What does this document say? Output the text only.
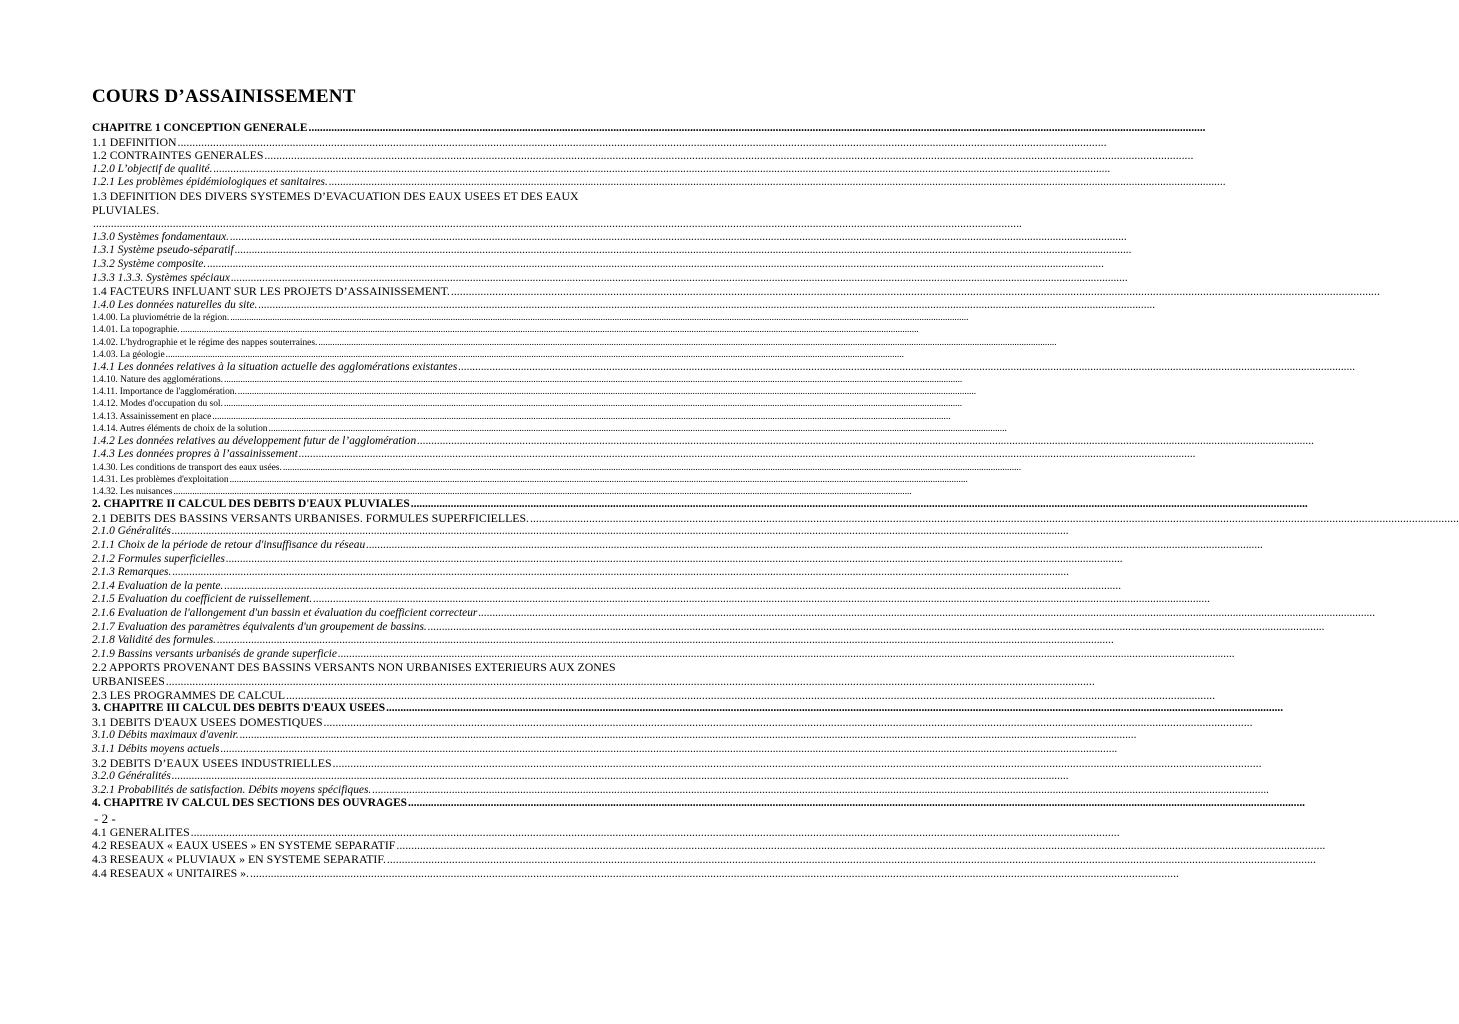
COURS D’ASSAINISSEMENT
CHAPITRE 1 CONCEPTION GENERALE
.....
1.1 DEFINITION
.....
1.2 CONTRAINTES GENERALES
.....
1.2.0 L’objectif de qualité.
.....
1.2.1 Les problèmes épidémiologiques et sanitaires.
.....
1.3 DEFINITION DES DIVERS SYSTEMES D’EVACUATION DES EAUX USEES ET DES EAUX PLUVIALES. .....
1.3.0 Systèmes fondamentaux.
.....
1.3.1 Système pseudo-séparatif
.....
1.3.2 Système composite.
.....
1.3.3 1.3.3. Systèmes spéciaux
.....
1.4 FACTEURS INFLUANT SUR LES PROJETS D’ASSAINISSEMENT.
.....
1.4.0 Les données naturelles du site.
.....
1.4.00. La pluviométrie de la région.
.....
1.4.01. La topographie.
.....
1.4.02. L'hydrographie et le régime des nappes souterraines.
.....
1.4.03. La géologie
.....
1.4.1 Les données relatives à la situation actuelle des agglomérations existantes
.....
1.4.10. Nature des agglomérations.
.....
1.4.11. Importance de l'agglomération.
.....
1.4.12. Modes d'occupation du sol.
.....
1.4.13. Assainissement en place
.....
1.4.14. Autres éléments de choix de la solution
.....
1.4.2 Les données relatives au développement futur de l’agglomération
.....
1.4.3 Les données propres à l’assainissement
.....
1.4.30. Les conditions de transport des eaux usées.
.....
1.4.31. Les problèmes d'exploitation
.....
1.4.32. Les nuisances
.....
2. CHAPITRE II CALCUL DES DEBITS D'EAUX PLUVIALES
.....
2.1 DEBITS DES BASSINS VERSANTS URBANISES. FORMULES SUPERFICIELLES.
.....
2.1.0 Généralités
.....
2.1.1 Choix de la période de retour d'insuffisance du réseau
.....
2.1.2 Formules superficielles
.....
2.1.3 Remarques.
.....
2.1.4 Evaluation de la pente.
.....
2.1.5 Evaluation du coefficient de ruissellement.
.....
2.1.6 Evaluation de l'allongement d'un bassin et évaluation du coefficient correcteur
.....
2.1.7 Evaluation des paramètres équivalents d'un groupement de bassins.
.....
2.1.8 Validité des formules.
.....
2.1.9 Bassins versants urbanisés de grande superficie
.....
2.2 APPORTS PROVENANT DES BASSINS VERSANTS NON URBANISES EXTERIEURS AUX ZONES URBANISEES .....
2.3 LES PROGRAMMES DE CALCUL
.....
3. CHAPITRE III CALCUL DES DEBITS D'EAUX USEES
.....
3.1 DEBITS D'EAUX USEES DOMESTIQUES
.....
3.1.0 Débits maximaux d'avenir.
.....
3.1.1 Débits moyens actuels
.....
3.2 DEBITS D’EAUX USEES INDUSTRIELLES
.....
3.2.0 Généralités
.....
3.2.1 Probabilités de satisfaction. Débits moyens spécifiques.
.....
4. CHAPITRE IV CALCUL DES SECTIONS DES OUVRAGES
.....
- 2 -
4.1 GENERALITES
.....
4.2 RESEAUX « EAUX USEES » EN SYSTEME SEPARATIF
.....
4.3 RESEAUX « PLUVIAUX » EN SYSTEME SEPARATIF.
.....
4.4 RESEAUX « UNITAIRES ».
.....
